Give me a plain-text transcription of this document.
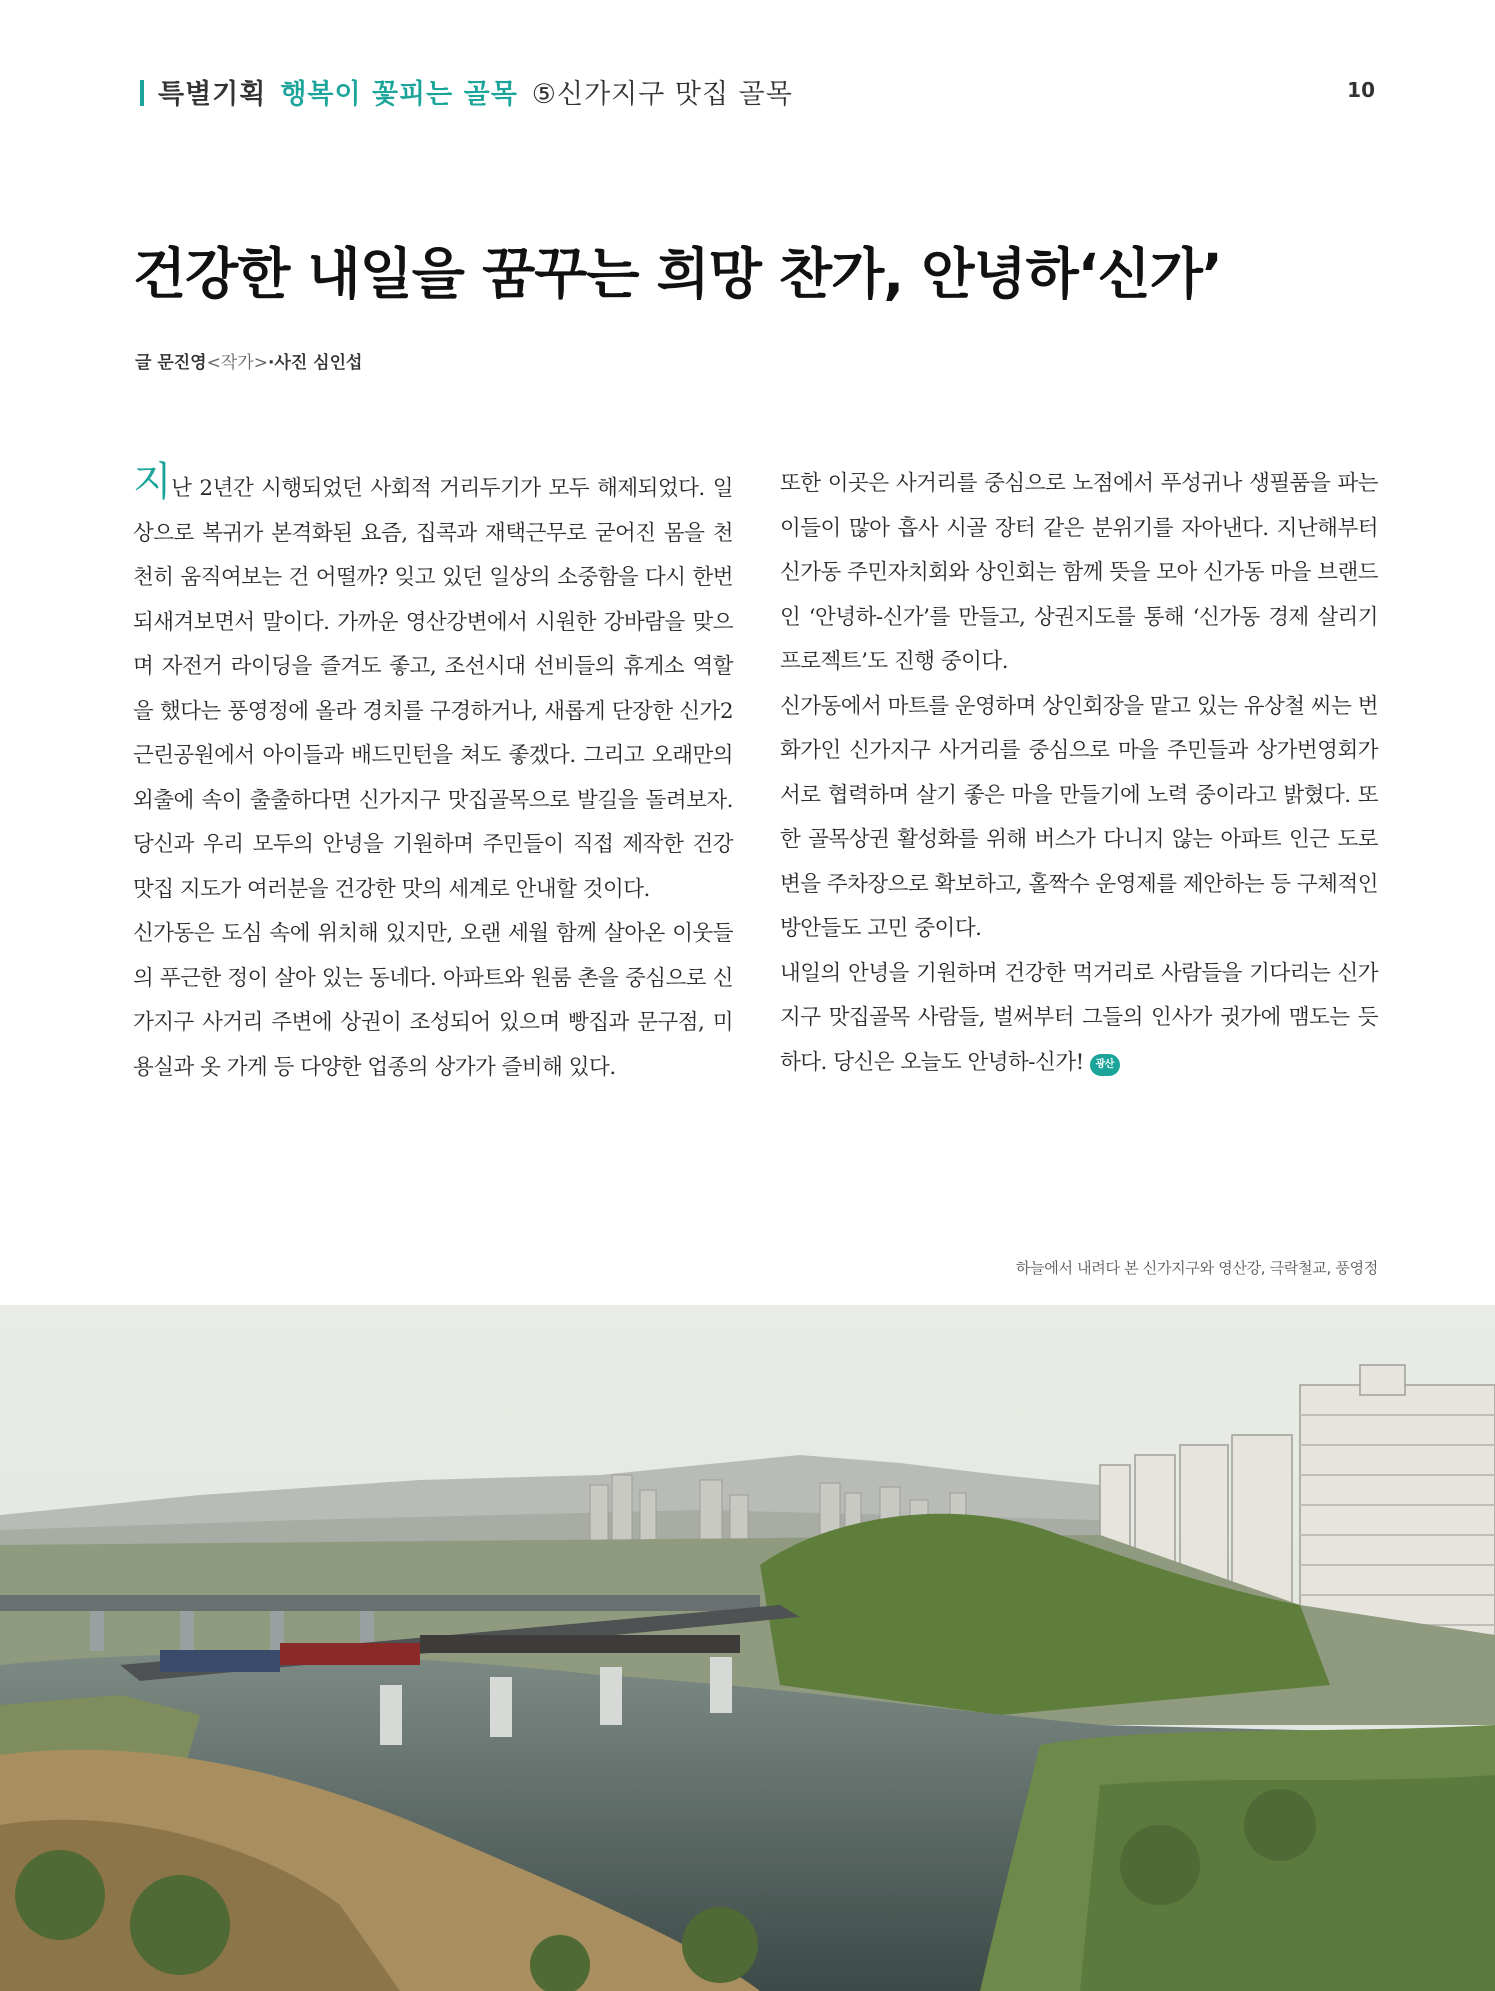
특별기획 행복이 꽃피는 골목 ⑤신가지구 맛집 골목	10
건강한 내일을 꿈꾸는 희망 찬가, 안녕하‘신가’
글 문진영<작가>·사진 심인섭

지난 2년간 시행되었던 사회적 거리두기가 모두 해제되었다. 일상으로 복귀가 본격화된 요즘, 집콕과 재택근무로 굳어진 몸을 천천히 움직여보는 건 어떨까? 잊고 있던 일상의 소중함을 다시 한번 되새겨보면서 말이다. 가까운 영산강변에서 시원한 강바람을 맞으며 자전거 라이딩을 즐겨도 좋고, 조선시대 선비들의 휴게소 역할을 했다는 풍영정에 올라 경치를 구경하거나, 새롭게 단장한 신가2근린공원에서 아이들과 배드민턴을 쳐도 좋겠다. 그리고 오래만의 외출에 속이 출출하다면 신가지구 맛집골목으로 발길을 돌려보자. 당신과 우리 모두의 안녕을 기원하며 주민들이 직접 제작한 건강 맛집 지도가 여러분을 건강한 맛의 세계로 안내할 것이다.

신가동은 도심 속에 위치해 있지만, 오랜 세월 함께 살아온 이웃들의 푸근한 정이 살아 있는 동네다. 아파트와 원룸 촌을 중심으로 신가지구 사거리 주변에 상권이 조성되어 있으며 빵집과 문구점, 미용실과 옷 가게 등 다양한 업종의 상가가 즐비해 있다.

또한 이곳은 사거리를 중심으로 노점에서 푸성귀나 생필품을 파는 이들이 많아 흡사 시골 장터 같은 분위기를 자아낸다. 지난해부터 신가동 주민자치회와 상인회는 함께 뜻을 모아 신가동 마을 브랜드인 ‘안녕하-신가’를 만들고, 상권지도를 통해 ‘신가동 경제 살리기 프로젝트’도 진행 중이다.

신가동에서 마트를 운영하며 상인회장을 맡고 있는 유상철 씨는 번화가인 신가지구 사거리를 중심으로 마을 주민들과 상가번영회가 서로 협력하며 살기 좋은 마을 만들기에 노력 중이라고 밝혔다. 또한 골목상권 활성화를 위해 버스가 다니지 않는 아파트 인근 도로변을 주차장으로 확보하고, 홀짝수 운영제를 제안하는 등 구체적인 방안들도 고민 중이다.

내일의 안녕을 기원하며 건강한 먹거리로 사람들을 기다리는 신가지구 맛집골목 사람들, 벌써부터 그들의 인사가 귓가에 맴도는 듯하다. 당신은 오늘도 안녕하-신가! 광산

하늘에서 내려다 본 신가지구와 영산강, 극락철교, 풍영정
